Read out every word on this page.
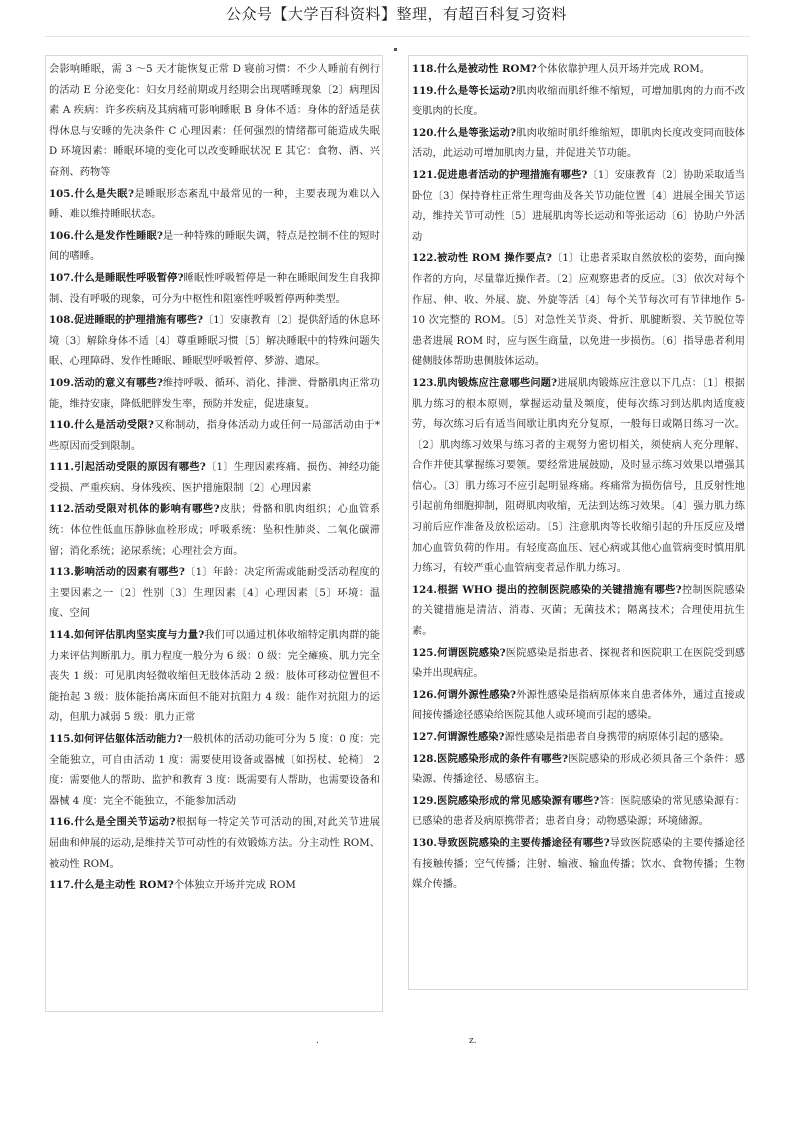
公众号【大学百科资料】整理，有超百科复习资料

会影响睡眠，需 3 ～5 天才能恢复正常 D 寝前习惯：不少人睡前有例行的活动 E 分泌变化：妇女月经前期或月经期会出现嗜睡现象〔2〕病理因素 A 疾病：许多疾病及其病痛可影响睡眠 B 身体不适：身体的舒适是获得休息与安睡的先决条件 C 心理因素：任何强烈的情绪都可能造成失眠 D 环境因素：睡眠环境的变化可以改变睡眠状况 E 其它：食物、酒、兴奋剂、药物等

105.什么是失眠?是睡眠形态紊乱中最常见的一种，主要表现为难以入睡、难以维持睡眠状态。

106.什么是发作性睡眠?是一种特殊的睡眠失调，特点是控制不住的短时间的嗜睡。

107.什么是睡眠性呼吸暂停?睡眠性呼吸暂停是一种在睡眠间发生自我抑制、没有呼吸的现象，可分为中枢性和阻塞性呼吸暂停两种类型。

108.促进睡眠的护理措施有哪些?〔1〕安康教育〔2〕提供舒适的休息环境〔3〕解除身体不适〔4〕尊重睡眠习惯〔5〕解决睡眠中的特殊问题失眠、心理障碍、发作性睡眠、睡眠型呼吸暂停、梦游、遗尿。

109.活动的意义有哪些?维持呼吸、循环、消化、排泄、骨骼肌肉正常功能，维持安康，降低肥胖发生率，预防并发症，促进康复。

110.什么是活动受限?又称制动，指身体活动力或任何一局部活动由于*些原因而受到限制。

111.引起活动受限的原因有哪些?〔1〕生理因素疼痛、损伤、神经功能受损、严重疾病、身体残疾、医护措施限制〔2〕心理因素

112.活动受限对机体的影响有哪些?皮肤；骨骼和肌肉组织；心血管系统：体位性低血压静脉血栓形成；呼吸系统：坠积性肺炎、二氧化碳滞留；消化系统；泌尿系统；心理社会方面。

113.影响活动的因素有哪些?〔1〕年龄：决定所需或能耐受活动程度的主要因素之一〔2〕性别〔3〕生理因素〔4〕心理因素〔5〕环境：温度、空间

114.如何评估肌肉坚实度与力量?我们可以通过机体收缩特定肌肉群的能力来评估判断肌力。肌力程度一般分为 6 级：0 级：完全瘫痪、肌力完全丧失 1 级：可见肌肉轻微收缩但无肢体活动 2 级：肢体可移动位置但不能抬起 3 级：肢体能抬离床面但不能对抗阻力 4 级：能作对抗阻力的运动，但肌力减弱 5 级：肌力正常

115.如何评估躯体活动能力?一般机体的活动功能可分为 5 度：0 度：完全能独立，可自由活动 1 度：需要使用设备或器械〔如拐杖、轮椅〕 2 度：需要他人的帮助、监护和教育 3 度：既需要有人帮助，也需要设备和器械 4 度：完全不能独立，不能参加活动

116.什么是全围关节运动?根据每一特定关节可活动的围,对此关节进展屈曲和伸展的运动,是维持关节可动性的有效锻炼方法。分主动性 ROM、被动性 ROM。

117.什么是主动性 ROM?个体独立开场并完成 ROM

118.什么是被动性 ROM?个体依靠护理人员开场并完成 ROM。

119.什么是等长运动?肌肉收缩而肌纤维不缩短，可增加肌肉的力而不改变肌肉的长度。

120.什么是等张运动?肌肉收缩时肌纤维缩短，即肌肉长度改变同而肢体活动，此运动可增加肌肉力量，并促进关节功能。

121.促进患者活动的护理措施有哪些?〔1〕安康教育〔2〕协助采取适当卧位〔3〕保持脊柱正常生理弯曲及各关节功能位置〔4〕进展全围关节运动，维持关节可动性〔5〕进展肌肉等长运动和等张运动〔6〕协助户外活动

122.被动性 ROM 操作要点?〔1〕让患者采取自然放松的姿势，面向操作者的方向，尽量靠近操作者。〔2〕应观察患者的反应。〔3〕依次对每个作屈、伸、收、外展、旋、外旋等活〔4〕每个关节每次可有节律地作 5-10 次完整的 ROM。〔5〕对急性关节炎、骨折、肌腱断裂、关节脱位等患者进展 ROM 时，应与医生商量，以免进一步损伤。〔6〕指导患者利用健侧肢体帮助患侧肢体运动。

123.肌肉锻炼应注意哪些问题?进展肌肉锻炼应注意以下几点：〔1〕根据肌力练习的根本原则，掌握运动量及频度，使每次练习到达肌肉适度疲劳，每次练习后有适当间歇让肌肉充分复原，一般每日或隔日练习一次。〔2〕肌肉练习效果与练习者的主观努力密切相关，须使病人充分理解、合作并使其掌握练习要领。要经常进展鼓励，及时显示练习效果以增强其信心。〔3〕肌力练习不应引起明显疼痛。疼痛常为损伤信号，且反射性地引起前角细胞抑制，阻碍肌肉收缩，无法到达练习效果。〔4〕强力肌力练习前后应作准备及放松运动。〔5〕注意肌肉等长收缩引起的升压反应及增加心血管负荷的作用。有轻度高血压、冠心病或其他心血管病变时慎用肌力练习，有较严重心血管病变者忌作肌力练习。

124.根据 WHO 提出的控制医院感染的关键措施有哪些?控制医院感染的关键措施是清洁、消毒、灭菌；无菌技术；隔离技术；合理使用抗生素。

125.何谓医院感染?医院感染是指患者、探视者和医院职工在医院受到感染并出现病症。

126.何谓外源性感染?外源性感染是指病原体来自患者体外，通过直接或间接传播途径感染给医院其他人或环境而引起的感染。

127.何谓源性感染?源性感染是指患者自身携带的病原体引起的感染。

128.医院感染形成的条件有哪些?医院感染的形成必须具备三个条件：感染源、传播途径、易感宿主。

129.医院感染形成的常见感染源有哪些?答：医院感染的常见感染源有：已感染的患者及病原携带者；患者自身；动物感染源；环境储源。

130.导致医院感染的主要传播途径有哪些?导致医院感染的主要传播途径有接触传播；空气传播；注射、输液、输血传播；饮水、食物传播；生物媒介传播。

.	z.
